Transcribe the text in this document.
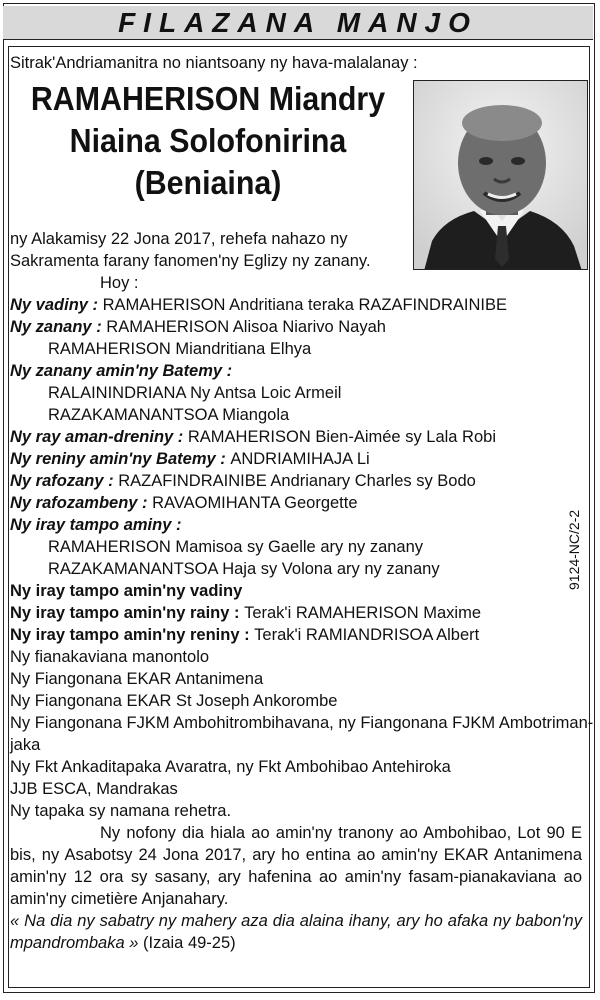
FILAZANA MANJO
Sitrak'Andriamanitra no niantsoany ny hava-malalanay :
RAMAHERISON Miandry
Niaina Solofonirina
(Beniaina)
ny Alakamisy 22 Jona 2017, rehefa nahazo ny
Sakramenta farany fanomen'ny Eglizy ny zanany.
Hoy :
Ny vadiny : RAMAHERISON Andritiana teraka RAZAFINDRAINIBE
Ny zanany : RAMAHERISON Alisoa Niarivo Nayah
RAMAHERISON Miandritiana Elhya
Ny zanany amin'ny Batemy :
RALAININDRIANA Ny Antsa Loic Armeil
RAZAKAMANANTSOA Miangola
Ny ray aman-dreniny : RAMAHERISON Bien-Aimée sy Lala Robi
Ny reniny amin'ny Batemy : ANDRIAMIHAJA Li
Ny rafozany : RAZAFINDRAINIBE Andrianary Charles sy Bodo
Ny rafozambeny : RAVAOMIHANTA Georgette
Ny iray tampo aminy :
RAMAHERISON Mamisoa sy Gaelle ary ny zanany
RAZAKAMANANTSOA Haja sy Volona ary ny zanany
Ny iray tampo amin'ny vadiny
Ny iray tampo amin'ny rainy : Terak'i RAMAHERISON Maxime
Ny iray tampo amin'ny reniny : Terak'i RAMIANDRISOA Albert
Ny fianakaviana manontolo
Ny Fiangonana EKAR Antanimena
Ny Fiangonana EKAR St Joseph Ankorombe
Ny Fiangonana FJKM Ambohitrombihavana, ny Fiangonana FJKM Ambotriman-
jaka
Ny Fkt Ankaditapaka Avaratra, ny Fkt Ambohibao Antehiroka
JJB ESCA, Mandrakas
Ny tapaka sy namana rehetra.
Ny nofony dia hiala ao amin'ny tranony ao Ambohibao, Lot 90 E bis, ny Asabotsy 24 Jona 2017, ary ho entina ao amin'ny EKAR Antanimena amin'ny 12 ora sy sasany, ary hafenina ao amin'ny fasam-pianakaviana ao amin'ny cimetière Anjanahary.
« Na dia ny sabatry ny mahery aza dia alaina ihany, ary ho afaka ny babon'ny mpandrombaka » (Izaia 49-25)
9124-NC/2-2
